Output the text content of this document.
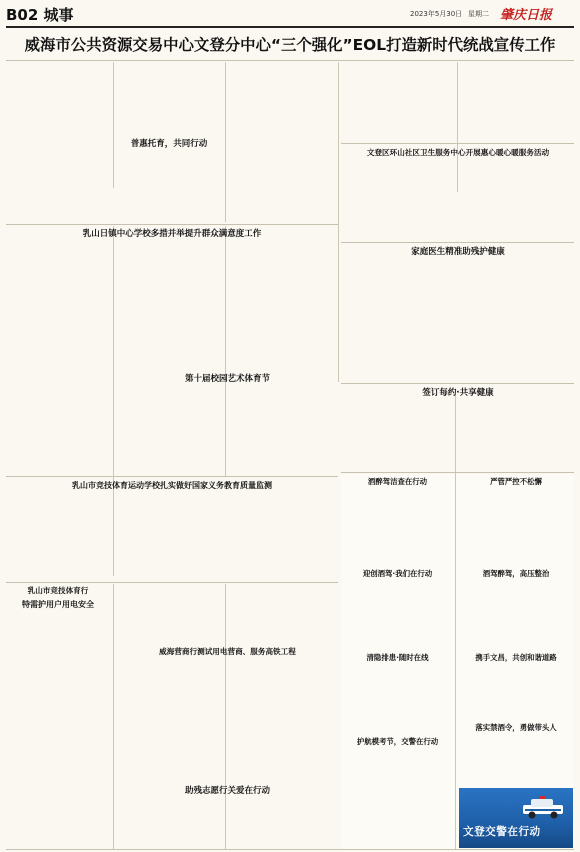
B02 城事	2023年5月30日 星期二 肇庆日报
威海市公共资源交易中心文登分中心“三个强化”EOL打造新时代统战宣传工作
普惠托育，共同行动
文登区环山社区卫生服务中心开展惠心暖心暖服务活动
家庭医生精准助残护健康
乳山日镇中心学校多措并举提升群众满意度工作
第十届校园艺术体育节
签订每约·共享健康
乳山市竞技体育运动学校扎实做好国家义务教育质量监测
乳山市竞技体育行
特需护用户用电安全
威海营商行测试用电营商、服务高铁工程
助残志愿行关爱在行动
酒醉驾洁查在行动	严管严控不松懈
迎创酒驾·我们在行动	酒驾醉驾，高压整治
清隐排患·随时在线	携手文昌，共创和谐道路
落实禁酒令，勇做带头人
护航模考节，交警在行动
文登交警在行动
